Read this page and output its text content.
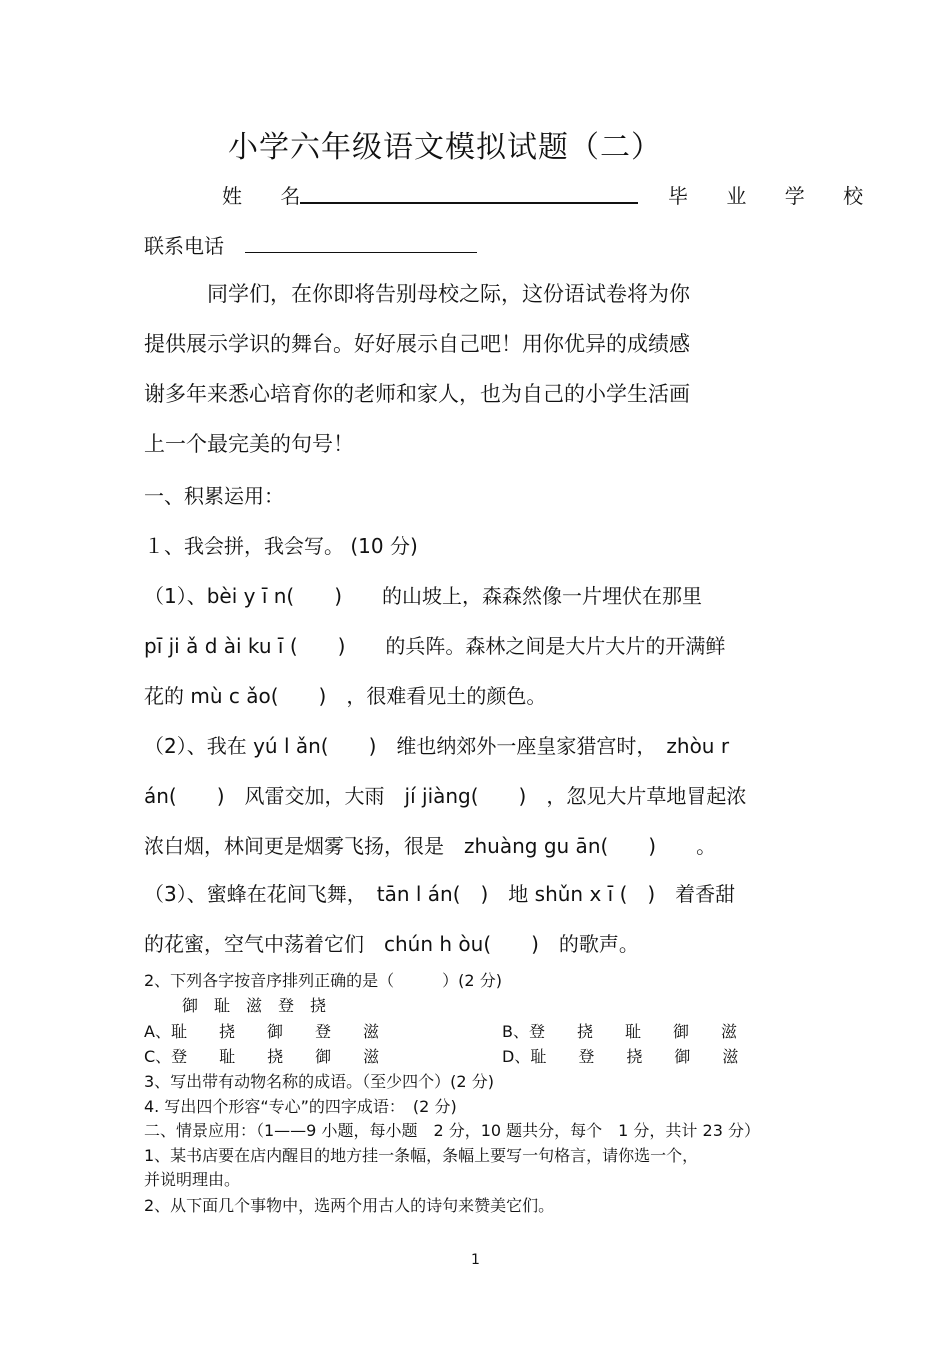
小学六年级语文模拟试题（二）
姓 名	毕 业 学 校
联系电话
同学们，在你即将告别母校之际，这份语试卷将为你
提供展示学识的舞台。好好展示自己吧！用你优异的成绩感
谢多年来悉心培育你的老师和家人，也为自己的小学生活画
上一个最完美的句号！
一、积累运用：
１、我会拼，我会写。 (10 分)
（1）、bèi y ī n(　　)　　的山坡上，森森然像一片埋伏在那里
pī ji ǎ d ài ku ī (　　)　　的兵阵。森林之间是大片大片的开满鲜
花的 mù c ǎo(　　)　，很难看见土的颜色。
（2）、我在 yú l ǎn(　　)　维也纳郊外一座皇家猎宫时，　zhòu r
án(　　)　风雷交加，大雨　jí jiàng(　　)　，忽见大片草地冒起浓
浓白烟，林间更是烟雾飞扬，很是　zhuàng gu ān(　　)　　。
（3）、蜜蜂在花间飞舞，　tān l án(　)　地 shǔn x ī (　)　着香甜
的花蜜，空气中荡着它们　chún h òu(　　)　的歌声。
2、下列各字按音序排列正确的是（　　　）(2 分)
御　耻　滋　登　挠
A、耻　　挠　　御　　登　　滋	B、登　　挠　　耻　　御　　滋
C、登　　耻　　挠　　御　　滋	D、耻　　登　　挠　　御　　滋
3、写出带有动物名称的成语。（至少四个）(2 分)
4. 写出四个形容“专心”的四字成语：　(2 分)
二、情景应用：（1——9 小题，每小题　2 分，10 题共分，每个　1 分，共计 23 分）
1、某书店要在店内醒目的地方挂一条幅，条幅上要写一句格言，请你选一个，
并说明理由。
2、从下面几个事物中，选两个用古人的诗句来赞美它们。
1
